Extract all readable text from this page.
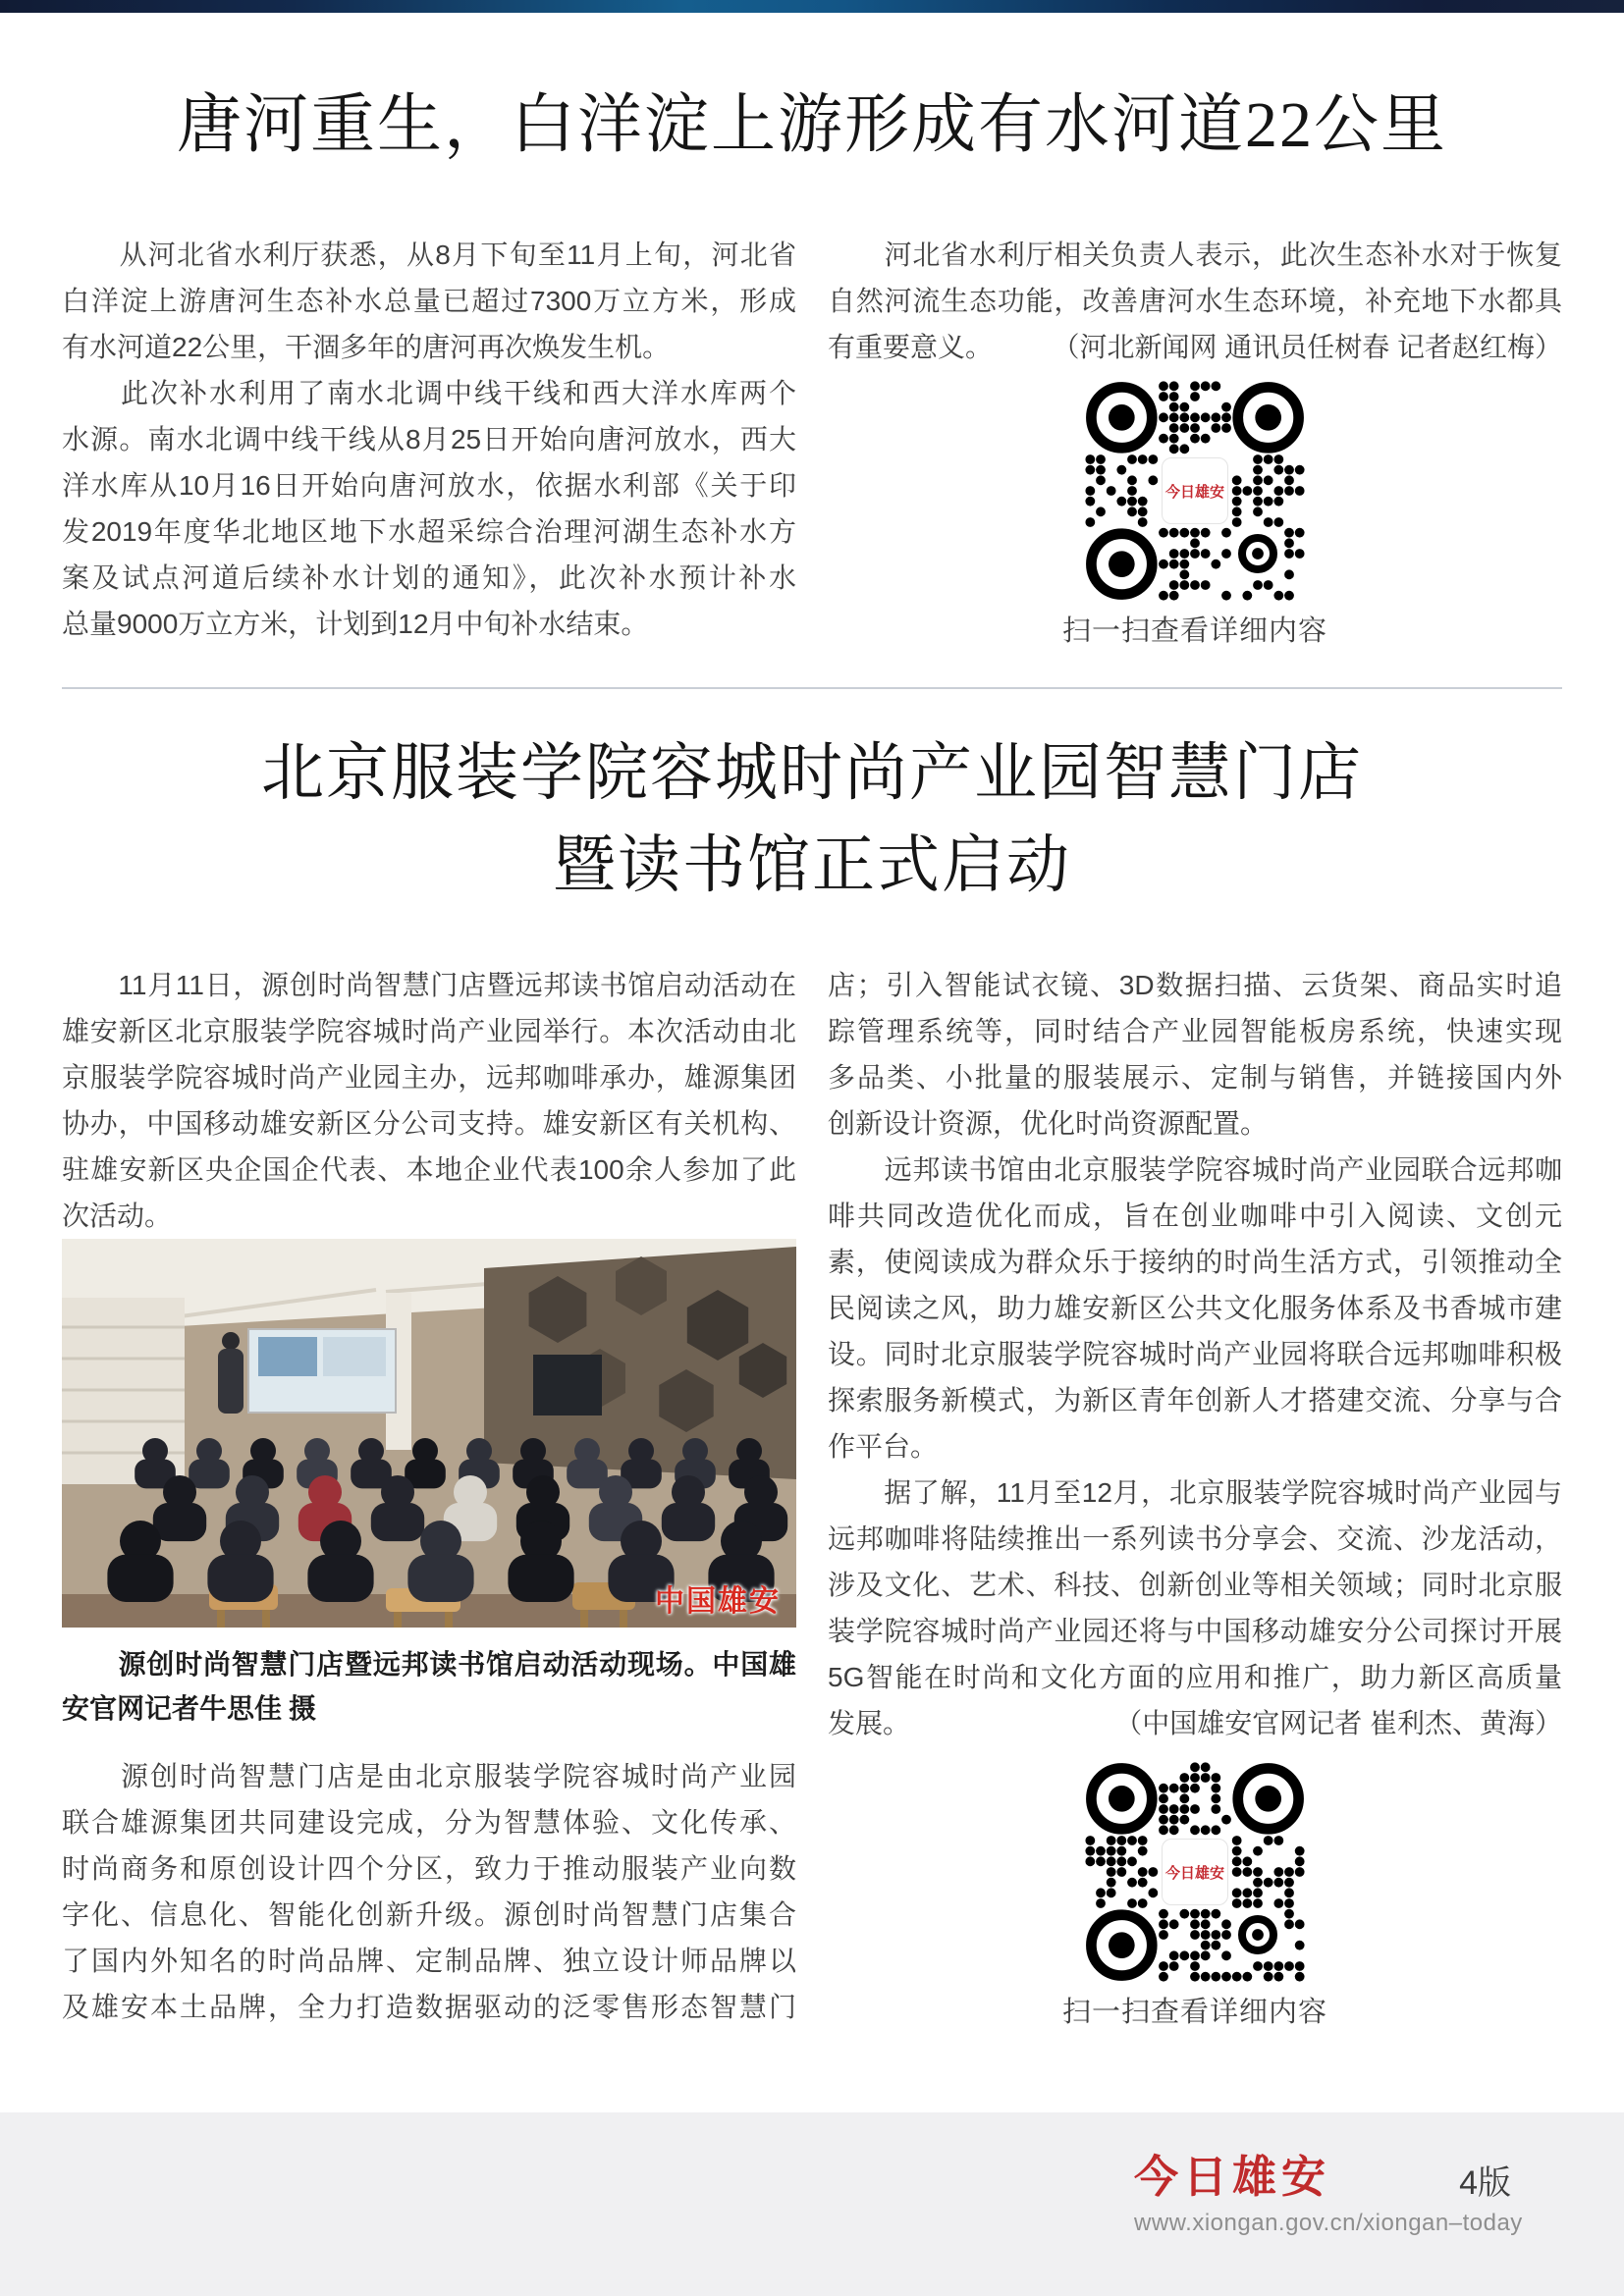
唐河重生，白洋淀上游形成有水河道22公里
　　从河北省水利厅获悉，从8月下旬至11月上旬，河北省
白洋淀上游唐河生态补水总量已超过7300万立方米，形成
有水河道22公里，干涸多年的唐河再次焕发生机。
　　此次补水利用了南水北调中线干线和西大洋水库两个
水源。南水北调中线干线从8月25日开始向唐河放水，西大
洋水库从10月16日开始向唐河放水，依据水利部《关于印
发2019年度华北地区地下水超采综合治理河湖生态补水方
案及试点河道后续补水计划的通知》，此次补水预计补水
总量9000万立方米，计划到12月中旬补水结束。
　　河北省水利厅相关负责人表示，此次生态补水对于恢复
自然河流生态功能，改善唐河水生态环境，补充地下水都具
有重要意义。 （河北新闻网 通讯员任树春 记者赵红梅）
今日雄安
扫一扫查看详细内容
北京服装学院容城时尚产业园智慧门店
暨读书馆正式启动
　　11月11日，源创时尚智慧门店暨远邦读书馆启动活动在
雄安新区北京服装学院容城时尚产业园举行。本次活动由北
京服装学院容城时尚产业园主办，远邦咖啡承办，雄源集团
协办，中国移动雄安新区分公司支持。雄安新区有关机构、
驻雄安新区央企国企代表、本地企业代表100余人参加了此
次活动。
中国雄安
　　源创时尚智慧门店暨远邦读书馆启动活动现场。中国雄
安官网记者牛思佳 摄
　　源创时尚智慧门店是由北京服装学院容城时尚产业园
联合雄源集团共同建设完成，分为智慧体验、文化传承、
时尚商务和原创设计四个分区，致力于推动服装产业向数
字化、信息化、智能化创新升级。源创时尚智慧门店集合
了国内外知名的时尚品牌、定制品牌、独立设计师品牌以
及雄安本土品牌，全力打造数据驱动的泛零售形态智慧门
店；引入智能试衣镜、3D数据扫描、云货架、商品实时追
踪管理系统等，同时结合产业园智能板房系统，快速实现
多品类、小批量的服装展示、定制与销售，并链接国内外
创新设计资源，优化时尚资源配置。
　　远邦读书馆由北京服装学院容城时尚产业园联合远邦咖
啡共同改造优化而成，旨在创业咖啡中引入阅读、文创元
素，使阅读成为群众乐于接纳的时尚生活方式，引领推动全
民阅读之风，助力雄安新区公共文化服务体系及书香城市建
设。同时北京服装学院容城时尚产业园将联合远邦咖啡积极
探索服务新模式，为新区青年创新人才搭建交流、分享与合
作平台。
　　据了解，11月至12月，北京服装学院容城时尚产业园与
远邦咖啡将陆续推出一系列读书分享会、交流、沙龙活动，
涉及文化、艺术、科技、创新创业等相关领域；同时北京服
装学院容城时尚产业园还将与中国移动雄安分公司探讨开展
5G智能在时尚和文化方面的应用和推广，助力新区高质量
发展。	（中国雄安官网记者 崔利杰、黄海）
今日雄安
扫一扫查看详细内容
今日雄安	4版
www.xiongan.gov.cn/xiongan–today
